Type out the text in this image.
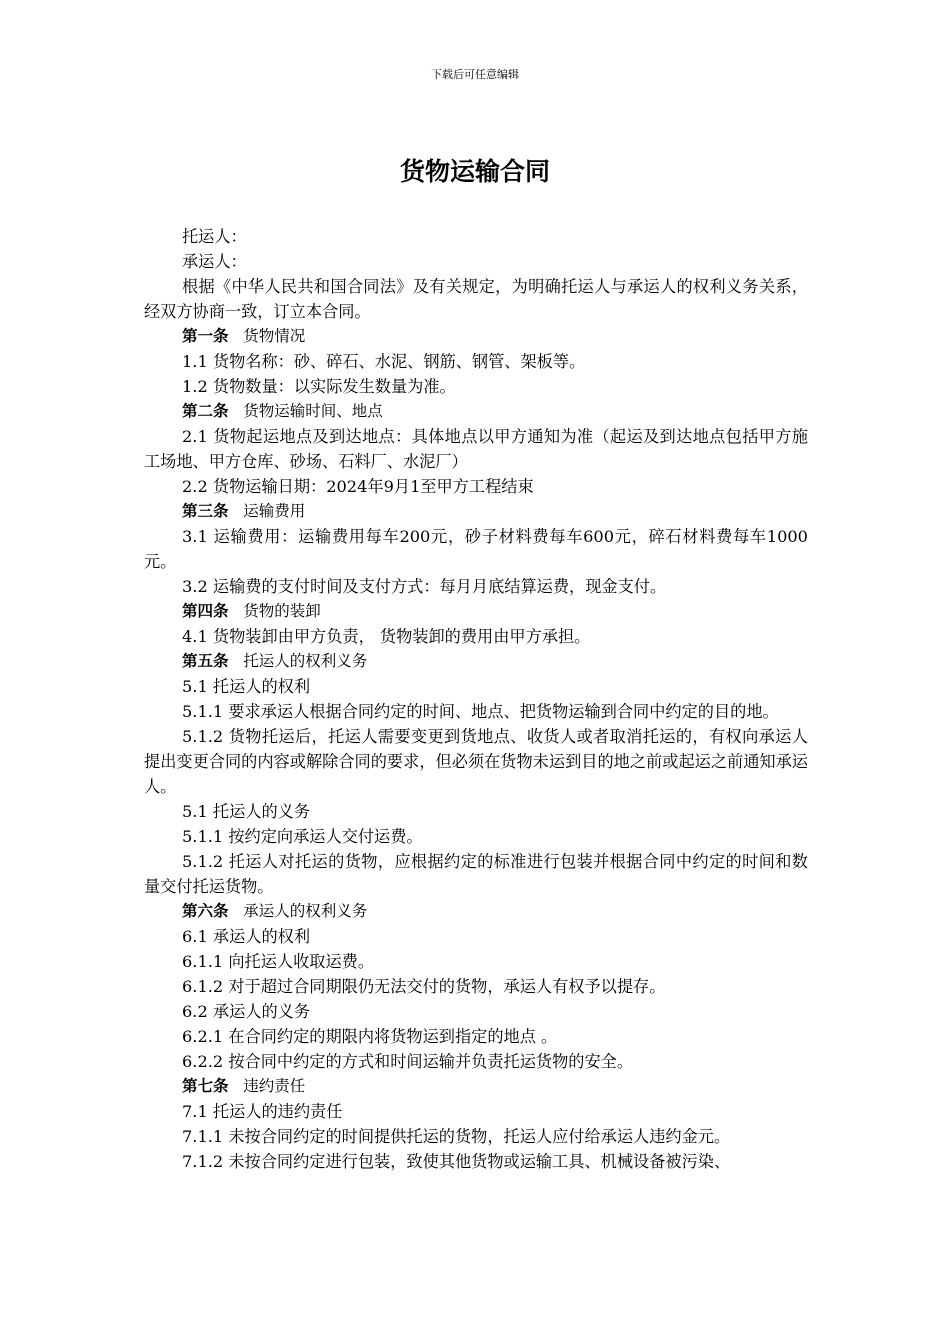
下载后可任意编辑
货物运输合同

托运人：

承运人：

根据《中华人民共和国合同法》及有关规定，为明确托运人与承运人的权利义务关系，经双方协商一致，订立本合同。

第一条 货物情况

1.1 货物名称：砂、碎石、水泥、钢筋、钢管、架板等。

1.2 货物数量：以实际发生数量为准。

第二条 货物运输时间、地点

2.1 货物起运地点及到达地点：具体地点以甲方通知为准（起运及到达地点包括甲方施工场地、甲方仓库、砂场、石料厂、水泥厂）

2.2 货物运输日期：2024年9月1至甲方工程结束

第三条 运输费用

3.1 运输费用：运输费用每车200元，砂子材料费每车600元，碎石材料费每车1000元。

3.2 运输费的支付时间及支付方式：每月月底结算运费，现金支付。

第四条 货物的装卸

4.1 货物装卸由甲方负责， 货物装卸的费用由甲方承担。

第五条 托运人的权利义务

5.1 托运人的权利

5.1.1 要求承运人根据合同约定的时间、地点、把货物运输到合同中约定的目的地。

5.1.2 货物托运后，托运人需要变更到货地点、收货人或者取消托运的，有权向承运人提出变更合同的内容或解除合同的要求，但必须在货物未运到目的地之前或起运之前通知承运人。

5.1 托运人的义务

5.1.1 按约定向承运人交付运费。

5.1.2 托运人对托运的货物，应根据约定的标准进行包装并根据合同中约定的时间和数量交付托运货物。

第六条 承运人的权利义务

6.1 承运人的权利

6.1.1 向托运人收取运费。

6.1.2 对于超过合同期限仍无法交付的货物，承运人有权予以提存。

6.2 承运人的义务

6.2.1 在合同约定的期限内将货物运到指定的地点 。

6.2.2 按合同中约定的方式和时间运输并负责托运货物的安全。

第七条 违约责任

7.1 托运人的违约责任

7.1.1 未按合同约定的时间提供托运的货物，托运人应付给承运人违约金元。

7.1.2 未按合同约定进行包装，致使其他货物或运输工具、机械设备被污染、
